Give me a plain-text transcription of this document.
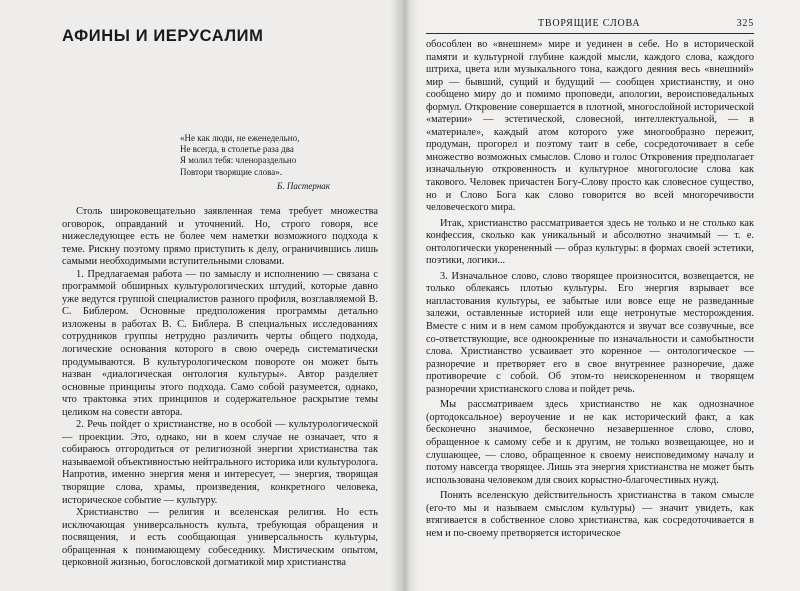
АФИНЫ И ИЕРУСАЛИМ
«Не как люди, не еженедельно,
Не всегда, в столетье раза два
Я молил тебя: членораздельно
Повтори творящие слова».
Б. Пастернак

Столь широковещательно заявленная тема требует множества оговорок, оправданий и уточнений. Но, строго говоря, все нижеследующее есть не более чем наметки возможного подхода к теме. Рискну поэтому прямо приступить к делу, ограничившись лишь самыми необходимыми вступительными словами.

1. Предлагаемая работа — по замыслу и исполнению — связана с программой обширных культурологических штудий, которые давно уже ведутся группой специалистов разного профиля, возглавляемой В. С. Библером. Основные предположения программы детально изложены в работах В. С. Библера. В специальных исследованиях сотрудников группы нетрудно различить черты общего подхода, логические основания которого в свою очередь систематически продумываются. В культурологическом повороте он может быть назван «диалогическая онтология культуры». Автор разделяет основные принципы этого подхода. Само собой разумеется, однако, что трактовка этих принципов и содержательное раскрытие темы целиком на совести автора.

2. Речь пойдет о христианстве, но в особой — культурологической — проекции. Это, однако, ни в коем случае не означает, что я собираюсь отгородиться от религиозной энергии христианства так называемой объективностью нейтрального историка или культуролога. Напротив, именно энергия меня и интересует, — энергия, творящая творящие слова, храмы, произведения, конкретного человека, историческое событие — культуру.

Христианство — религия и вселенская религия. Но есть исключающая универсальность культа, требующая обращения и посвящения, и есть сообщающая универсальность культуры, обращенная к понимающему собеседнику. Мистическим опытом, церковной жизнью, богословской догматикой мир христианства

ТВОРЯЩИЕ СЛОВА	325

обособлен во «внешнем» мире и уединен в себе. Но в исторической памяти и культурной глубине каждой мысли, каждого слова, каждого штриха, цвета или музыкального тона, каждого деяния весь «внешний» мир — бывший, сущий и будущий — сообщен христианству, и оно сообщено миру до и помимо проповеди, апологии, вероисповедальных формул. Откровение совершается в плотной, многослойной исторической «материи» — эстетической, словесной, интеллектуальной, — в «материале», каждый атом которого уже многообразно пережит, продуман, прогорел и поэтому таит в себе, сосредоточивает в себе множество возможных смыслов. Слово и голос Откровения предполагает изначальную откровенность и культурное многоголосие слова как такового. Человек причастен Богу-Слову просто как словесное существо, но и Слово Бога как слово говорится во всей многоречивости человеческого мира.

Итак, христианство рассматривается здесь не только и не столько как конфессия, сколько как уникальный и абсолютно значимый — т. е. онтологически укорененный — образ культуры: в формах своей эстетики, поэтики, логики...

3. Изначальное слово, слово творящее произносится, возвещается, не только облекаясь плотью культуры. Его энергия взрывает все напластования культуры, ее забытые или вовсе еще не разведанные залежи, оставленные историей или еще нетронутые месторождения. Вместе с ним и в нем самом пробуждаются и звучат все созвучные, все со-ответствующие, все одноокренные по изначальности и самобытности слова. Христианство усваивает это коренное — онтологическое — разноречие и претворяет его в свое внутреннее разноречие, даже противоречие с собой. Об этом-то неискорененном и творящем разноречии христианского слова и пойдет речь.

Мы рассматриваем здесь христианство не как однозначное (ортодоксальное) вероучение и не как исторический факт, а как бесконечно значимое, бесконечно незавершенное слово, слово, обращенное к самому себе и к другим, не только возвещающее, но и слушающее, — слово, обращенное к своему неисповедимому началу и потому навсегда творящее. Лишь эта энергия христианства не может быть использована человеком для своих корыстно-благочестивых нужд.

Понять вселенскую действительность христианства в таком смысле (его-то мы и называем смыслом культуры) — значит увидеть, как втягивается в собственное слово христианства, как сосредоточивается в нем и по-своему претворяется историческое
